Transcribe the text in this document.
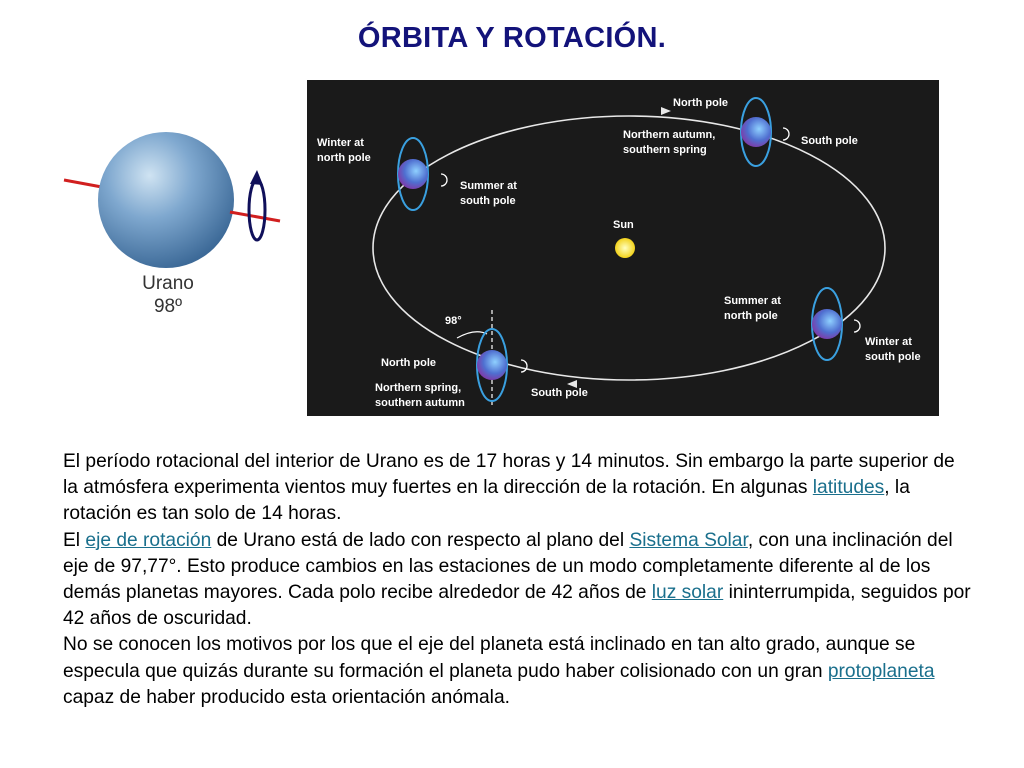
ÓRBITA Y ROTACIÓN.
Urano
98º
Sun
North pole
Northern autumn,
southern spring
South pole
Winter at
north pole
Summer at
south pole
Summer at
north pole
Winter at
south pole
98°
North pole
Northern spring,
southern autumn
South pole

El período rotacional del interior de Urano es de 17 horas y 14 minutos. Sin embargo la parte superior de la atmósfera experimenta vientos muy fuertes en la dirección de la rotación. En algunas latitudes, la rotación es tan solo de 14 horas.

El eje de rotación de Urano está de lado con respecto al plano del Sistema Solar, con una inclinación del eje de 97,77°. Esto produce cambios en las estaciones de un modo completamente diferente al de los demás planetas mayores. Cada polo recibe alrededor de 42 años de luz solar ininterrumpida, seguidos por 42 años de oscuridad.

No se conocen los motivos por los que el eje del planeta está inclinado en tan alto grado, aunque se especula que quizás durante su formación el planeta pudo haber colisionado con un gran protoplaneta capaz de haber producido esta orientación anómala.
